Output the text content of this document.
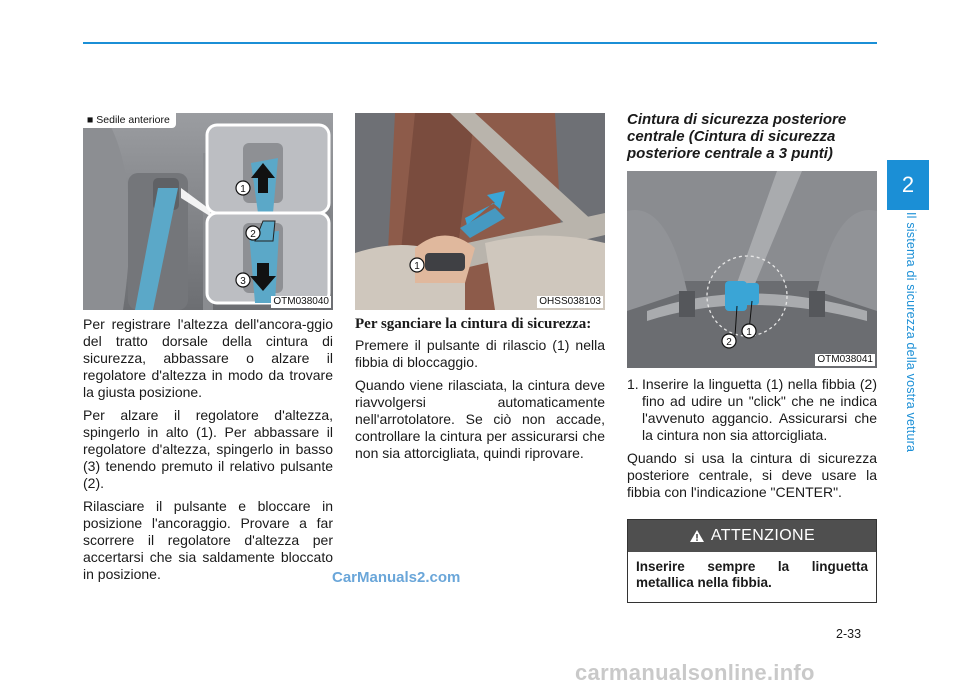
2
Il sistema di sicurezza della vostra vettura
1
2
3
■ Sedile anteriore
OTM038040
1
OHSS038103
2
1
OTM038041

Per registrare l'altezza dell'ancora-ggio del tratto dorsale della cintura di sicurezza, abbassare o alzare il regolatore d'altezza in modo da trovare la giusta posizione.

Per alzare il regolatore d'altezza, spingerlo in alto (1). Per abbassare il regolatore d'altezza, spingerlo in basso (3) tenendo premuto il relativo pulsante (2).

Rilasciare il pulsante e bloccare in posizione l'ancoraggio. Provare a far scorrere il regolatore d'altezza per accertarsi che sia saldamente bloccato in posizione.

Per sganciare la cintura di sicurezza:

Premere il pulsante di rilascio (1) nella fibbia di bloccaggio.

Quando viene rilasciata, la cintura deve riavvolgersi automaticamente nell'arrotolatore. Se ciò non accade, controllare la cintura per assicurarsi che non sia attorcigliata, quindi riprovare.

Cintura di sicurezza posteriore centrale (Cintura di sicurezza posteriore centrale a 3 punti)
1. Inserire la linguetta (1) nella fibbia (2) fino ad udire un "click" che ne indica l'avvenuto aggancio. Assicurarsi che la cintura non sia attorcigliata.

Quando si usa la cintura di sicurezza posteriore centrale, si deve usare la fibbia con l'indicazione "CENTER".

ATTENZIONE
Inserire sempre la linguetta metallica nella fibbia.
CarManuals2.com
2-33
carmanualsonline.info
